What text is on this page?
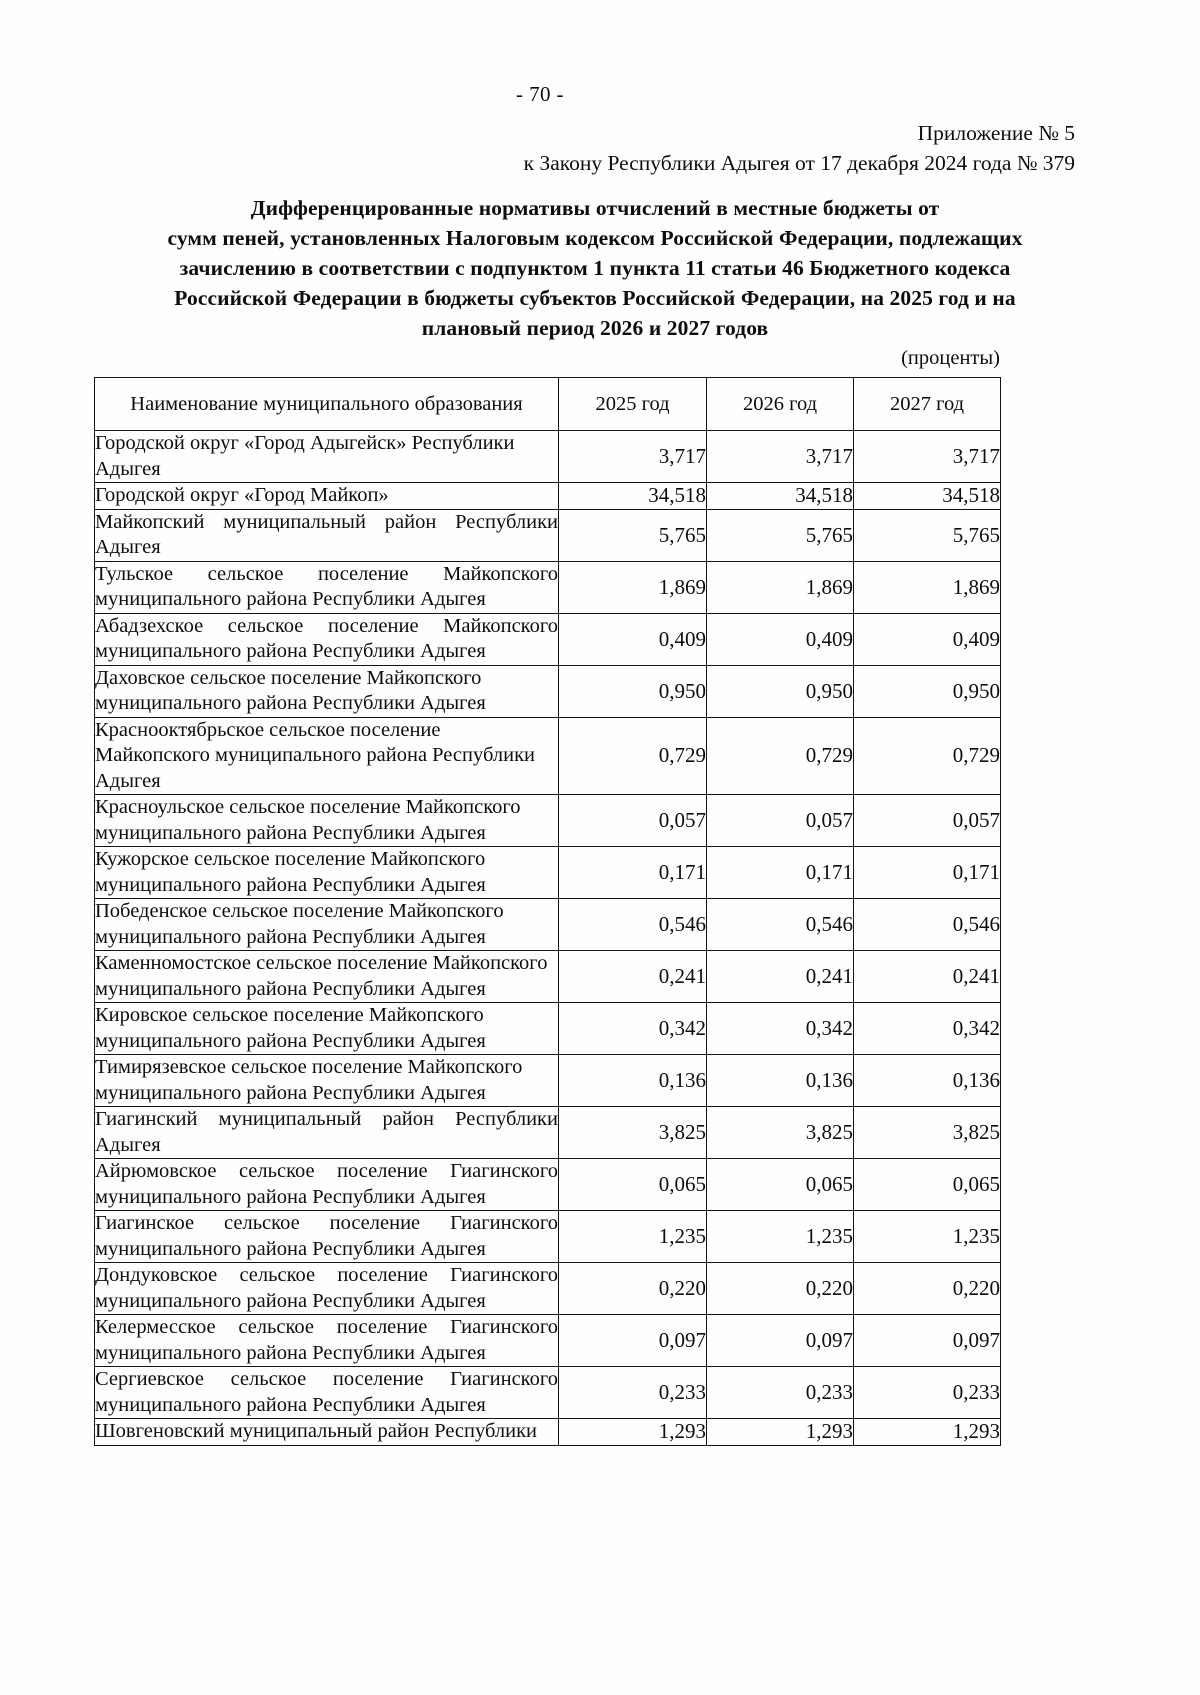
- 70 -
Приложение № 5
к Закону Республики Адыгея от 17 декабря 2024 года № 379
Дифференцированные нормативы отчислений в местные бюджеты от
сумм пеней, установленных Налоговым кодексом Российской Федерации, подлежащих
зачислению в соответствии с подпунктом 1 пункта 11 статьи 46 Бюджетного кодекса
Российской Федерации в бюджеты субъектов Российской Федерации, на 2025 год и на
плановый период 2026 и 2027 годов
(проценты)
Наименование муниципального образования	2025 год	2026 год	2027 год
Городской округ «Город Адыгейск» Республики
Адыгея	3,717	3,717	3,717

Городской округ «Город Майкоп»	34,518	34,518	34,518
Майкопский муниципальный район Республики
Адыгея	5,765	5,765	5,765
Тульское сельское поселение Майкопского
муниципального района Республики Адыгея	1,869	1,869	1,869
Абадзехское сельское поселение Майкопского
муниципального района Республики Адыгея	0,409	0,409	0,409
Даховское сельское поселение Майкопского
муниципального района Республики Адыгея	0,950	0,950	0,950
Краснооктябрьское сельское поселение Майкопского муниципального района Республики
Адыгея	0,729	0,729	0,729
Красноульское сельское поселение Майкопского
муниципального района Республики Адыгея	0,057	0,057	0,057
Кужорское сельское поселение Майкопского
муниципального района Республики Адыгея	0,171	0,171	0,171
Победенское сельское поселение Майкопского
муниципального района Республики Адыгея	0,546	0,546	0,546
Каменномостское сельское поселение Майкопского
муниципального района Республики Адыгея	0,241	0,241	0,241
Кировское сельское поселение Майкопского
муниципального района Республики Адыгея	0,342	0,342	0,342
Тимирязевское сельское поселение Майкопского
муниципального района Республики Адыгея	0,136	0,136	0,136
Гиагинский муниципальный район Республики
Адыгея	3,825	3,825	3,825
Айрюмовское сельское поселение Гиагинского
муниципального района Республики Адыгея	0,065	0,065	0,065
Гиагинское сельское поселение Гиагинского
муниципального района Республики Адыгея	1,235	1,235	1,235
Дондуковское сельское поселение Гиагинского
муниципального района Республики Адыгея	0,220	0,220	0,220
Келермесское сельское поселение Гиагинского
муниципального района Республики Адыгея	0,097	0,097	0,097
Сергиевское сельское поселение Гиагинского
муниципального района Республики Адыгея	0,233	0,233	0,233

Шовгеновский муниципальный район Республики	1,293	1,293	1,293
